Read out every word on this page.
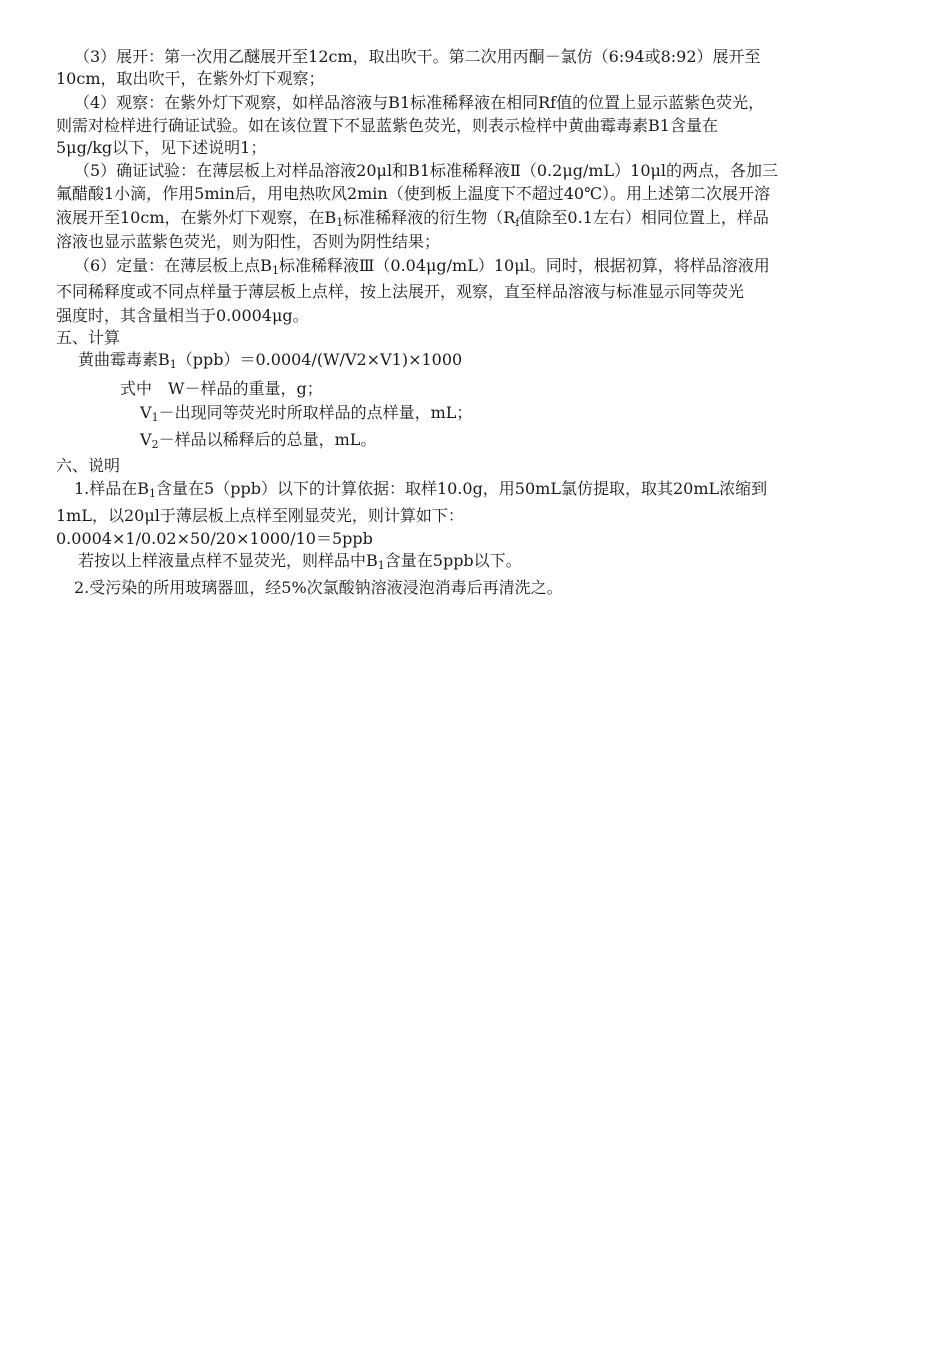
（3）展开：第一次用乙醚展开至12cm，取出吹干。第二次用丙酮－氯仿（6:94或8:92）展开至
10cm，取出吹干，在紫外灯下观察；
（4）观察：在紫外灯下观察，如样品溶液与B1标准稀释液在相同Rf值的位置上显示蓝紫色荧光，
则需对检样进行确证试验。如在该位置下不显蓝紫色荧光，则表示检样中黄曲霉毒素B1含量在
5μg/kg以下，见下述说明1；
（5）确证试验：在薄层板上对样品溶液20μl和B1标准稀释液Ⅱ（0.2μg/mL）10μl的两点，各加三
氟醋酸1小滴，作用5min后，用电热吹风2min（使到板上温度下不超过40℃）。用上述第二次展开溶
液展开至10cm，在紫外灯下观察，在$B_1$标准稀释液的衍生物（$R_f$值除至0.1左右）相同位置上，样品
溶液也显示蓝紫色荧光，则为阳性，否则为阴性结果；
（6）定量：在薄层板上点$B_1$标准稀释液Ⅲ（0.04μg/mL）10μl。同时，根据初算，将样品溶液用
不同稀释度或不同点样量于薄层板上点样，按上法展开，观察，直至样品溶液与标准显示同等荧光
强度时，其含量相当于0.0004μg。
五、计算
黄曲霉毒素$B_1(ppb)=0.0004/(W/V2\times V1)\times 1000$
式中　W－样品的重量，g；
$V_1-$出现同等荧光时所取样品的点样量，mL；
$V_2-$样品以稀释后的总量，mL。
六、说明
1.样品在$B_1$含量在5（ppb）以下的计算依据：取样10.0g，用50mL氯仿提取，取其20mL浓缩到
1mL，以20μl于薄层板上点样至刚显荧光，则计算如下：
0.0004×1/0.02×50/20×1000/10＝5ppb
若按以上样液量点样不显荧光，则样品中$B_1$含量在5ppb以下。
2.受污染的所用玻璃器皿，经5%次氯酸钠溶液浸泡消毒后再清洗之。
